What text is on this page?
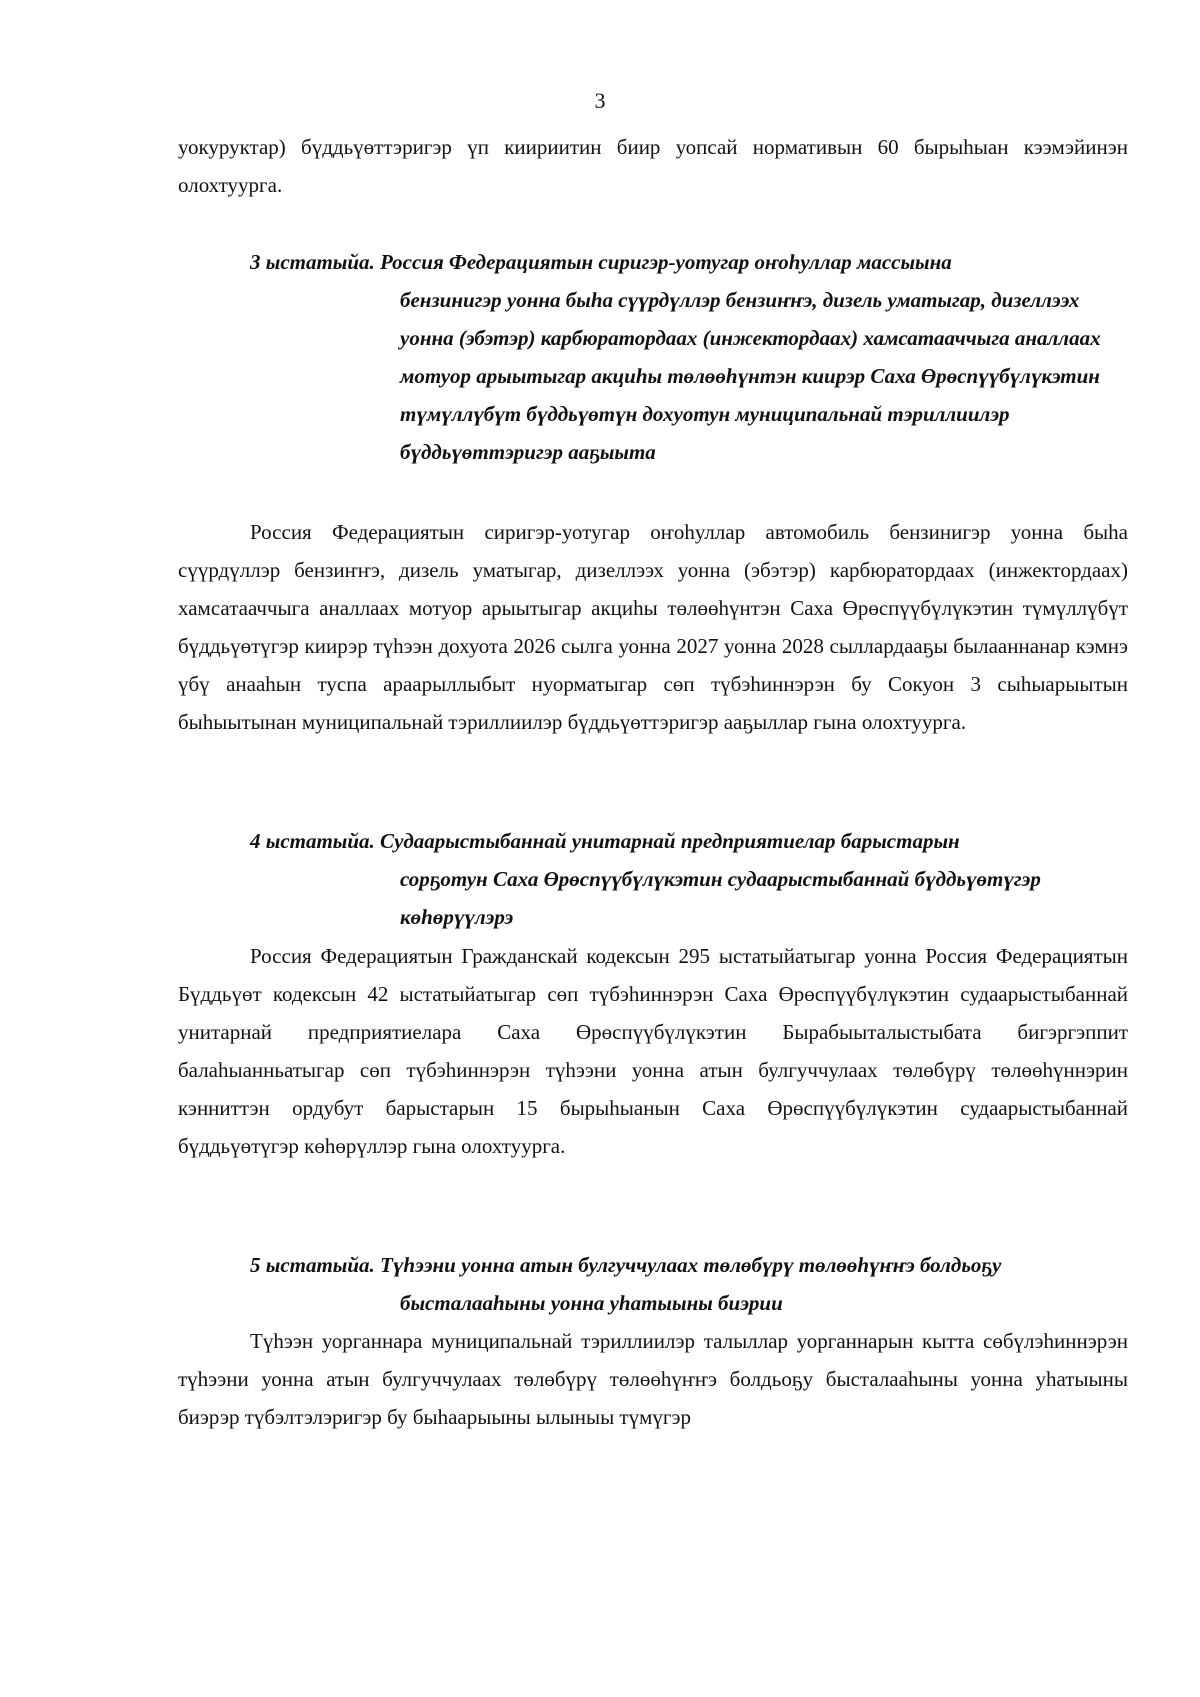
3
уокуруктар) бүддьүөттэригэр үп киириитин биир уопсай нормативын 60 бырыһыан кээмэйинэн олохтуурга.
3 ыстатыйа. Россия Федерациятын сиригэр-уотугар оҥоһуллар массыына
бензинигэр уонна быһа сүүрдүллэр бензиҥҥэ, дизель уматыгар, дизеллээх уонна (эбэтэр) карбюратордаах (инжектордаах) хамсатааччыга аналлаах мотуор арыытыгар акциһы төлөөһүнтэн киирэр Саха Өрөспүүбүлүкэтин түмүллүбүт бүддьүөтүн дохуотун муниципальнай тэриллиилэр бүддьүөттэригэр ааҕыыта
Россия Федерациятын сиригэр-уотугар оҥоһуллар автомобиль бензинигэр уонна быһа сүүрдүллэр бензиҥҥэ, дизель уматыгар, дизеллээх уонна (эбэтэр) карбюратордаах (инжектордаах) хамсатааччыга аналлаах мотуор арыытыгар акциһы төлөөһүнтэн Саха Өрөспүүбүлүкэтин түмүллүбүт бүддьүөтүгэр киирэр түһээн дохуота 2026 сылга уонна 2027 уонна 2028 сыллардааҕы былааннанар кэмнэ үбү анааһын туспа араарыллыбыт нуорматыгар сөп түбэһиннэрэн бу Сокуон 3 сыһыарыытын быһыытынан муниципальнай тэриллиилэр бүддьүөттэригэр ааҕыллар гына олохтуурга.
4 ыстатыйа. Судаарыстыбаннай унитарнай предприятиелар барыстарын
сорҕотун Саха Өрөспүүбүлүкэтин судаарыстыбаннай бүддьүөтүгэр көһөрүүлэрэ
Россия Федерациятын Гражданскай кодексын 295 ыстатыйатыгар уонна Россия Федерациятын Бүддьүөт кодексын 42 ыстатыйатыгар сөп түбэһиннэрэн Саха Өрөспүүбүлүкэтин судаарыстыбаннай унитарнай предприятиелара Саха Өрөспүүбүлүкэтин Бырабыыталыстыбата бигэргэппит балаһыанньатыгар сөп түбэһиннэрэн түһээни уонна атын булгуччулаах төлөбүрү төлөөһүннэрин кэнниттэн ордубут барыстарын 15 бырыһыанын Саха Өрөспүүбүлүкэтин судаарыстыбаннай бүддьүөтүгэр көһөрүллэр гына олохтуурга.
5 ыстатыйа. Түһээни уонна атын булгуччулаах төлөбүрү төлөөһүҥҥэ болдьоҕу
бысталааһыны уонна уһатыыны биэрии
Түһээн уорганнара муниципальнай тэриллиилэр талыллар уорганнарын кытта сөбүлэһиннэрэн түһээни уонна атын булгуччулаах төлөбүрү төлөөһүҥҥэ болдьоҕу бысталааһыны уонна уһатыыны биэрэр түбэлтэлэригэр бу быһаарыыны ылыныы түмүгэр
